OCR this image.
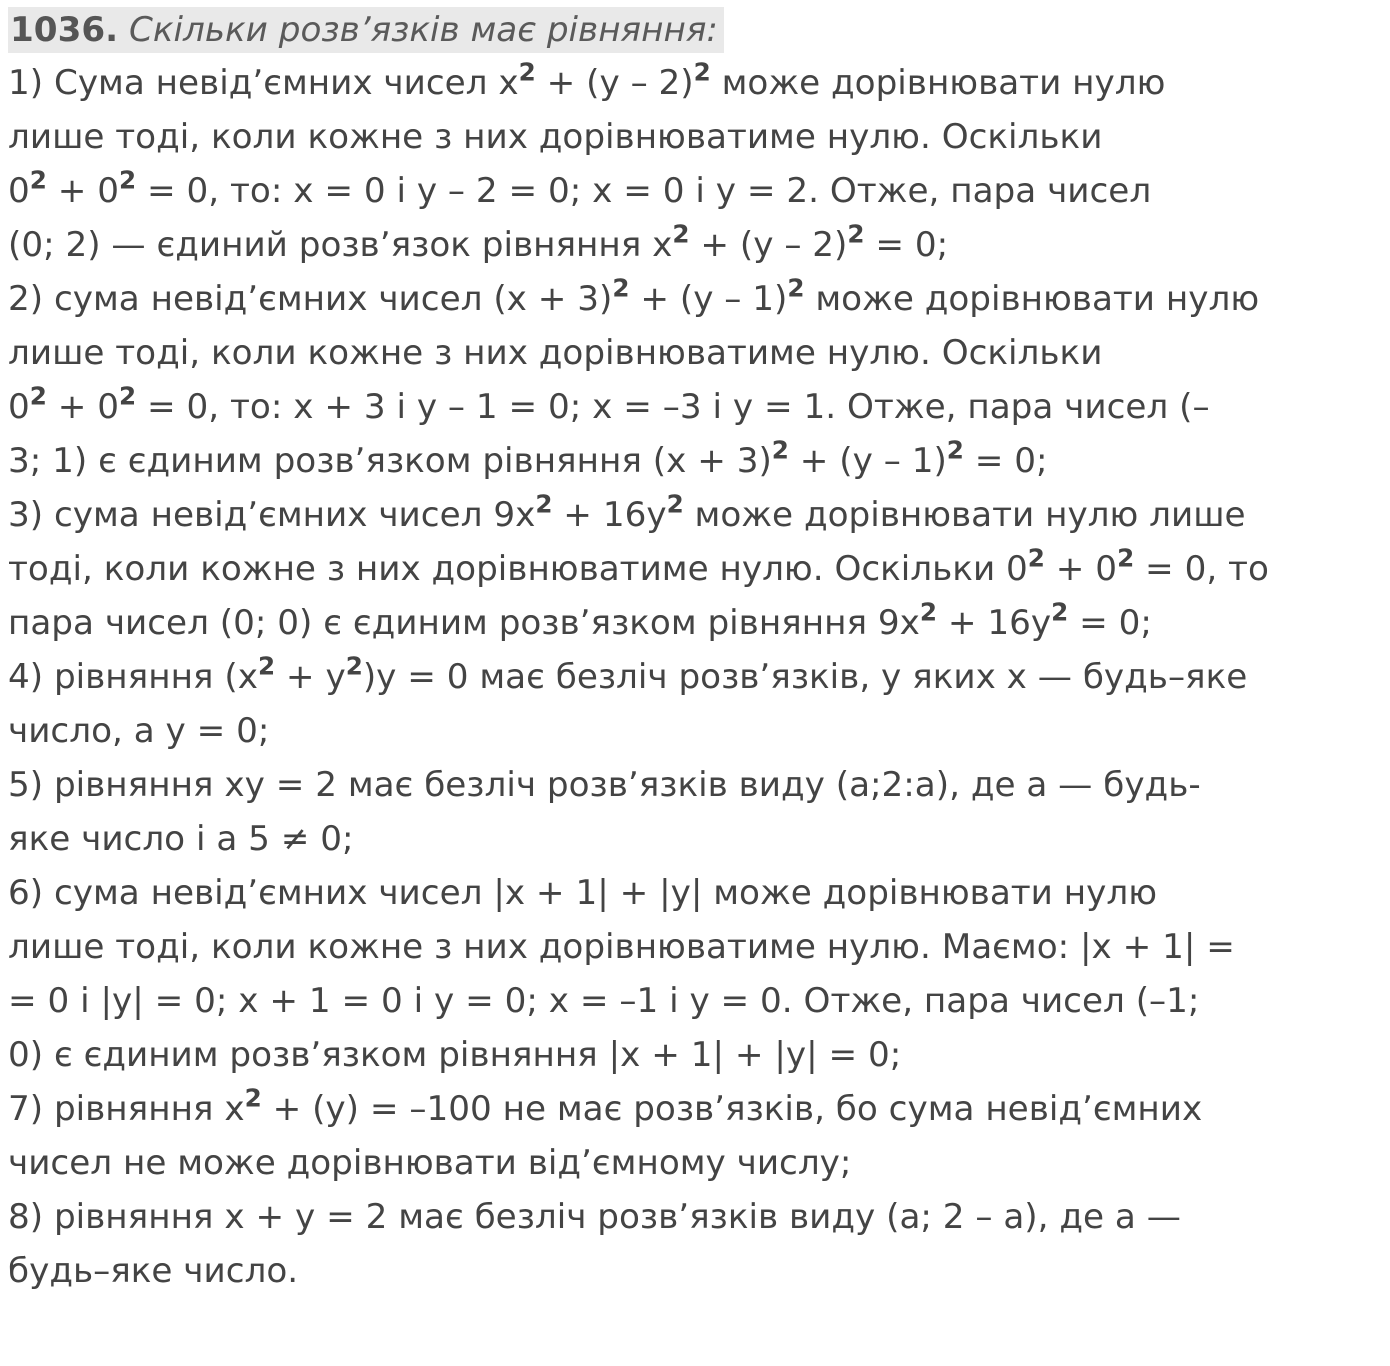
1036. Скільки розв’язків має рівняння:
1) Сума невід’ємних чисел $x^2 + (y - 2)^2$ може дорівнювати нулю
лише тоді, коли кожне з них дорівнюватиме нулю. Оскільки
$0^2 + 0^2 = 0$, то: x = 0 і y – 2 = 0; x = 0 і y = 2. Отже, пара чисел
(0; 2) — єдиний розв’язок рівняння $x^2 + (y - 2)^2 = 0$;
2) сума невід’ємних чисел $(x + 3)^2 + (y - 1)^2$ може дорівнювати нулю
лише тоді, коли кожне з них дорівнюватиме нулю. Оскільки
$0^2 + 0^2 = 0$, то: x + 3 і y – 1 = 0; x = –3 і y = 1. Отже, пара чисел (–
3; 1) є єдиним розв’язком рівняння $(x + 3)^2 + (y - 1)^2 = 0$;
3) сума невід’ємних чисел $9x^2 + 16y^2$ може дорівнювати нулю лише
тоді, коли кожне з них дорівнюватиме нулю. Оскільки $0^2 + 0^2 = 0$, то
пара чисел (0; 0) є єдиним розв’язком рівняння $9x^2 + 16y^2 = 0$;
4) рівняння $(x^2 + y^2)y = 0$ має безліч розв’язків, у яких x — будь–яке
число, а y = 0;
5) рівняння xy = 2 має безліч розв’язків виду (a;2:a), де a — будь-
яке число і a 5 ≠ 0;
6) сума невід’ємних чисел |x + 1| + |y| може дорівнювати нулю
лише тоді, коли кожне з них дорівнюватиме нулю. Маємо: |x + 1| =
= 0 і |y| = 0; x + 1 = 0 і y = 0; x = –1 і y = 0. Отже, пара чисел (–1;
0) є єдиним розв’язком рівняння |x + 1| + |y| = 0;
7) рівняння $x^2 + (y) = -100$ не має розв’язків, бо сума невід’ємних
чисел не може дорівнювати від’ємному числу;
8) рівняння x + y = 2 має безліч розв’язків виду (a; 2 – a), де a —
будь–яке число.
